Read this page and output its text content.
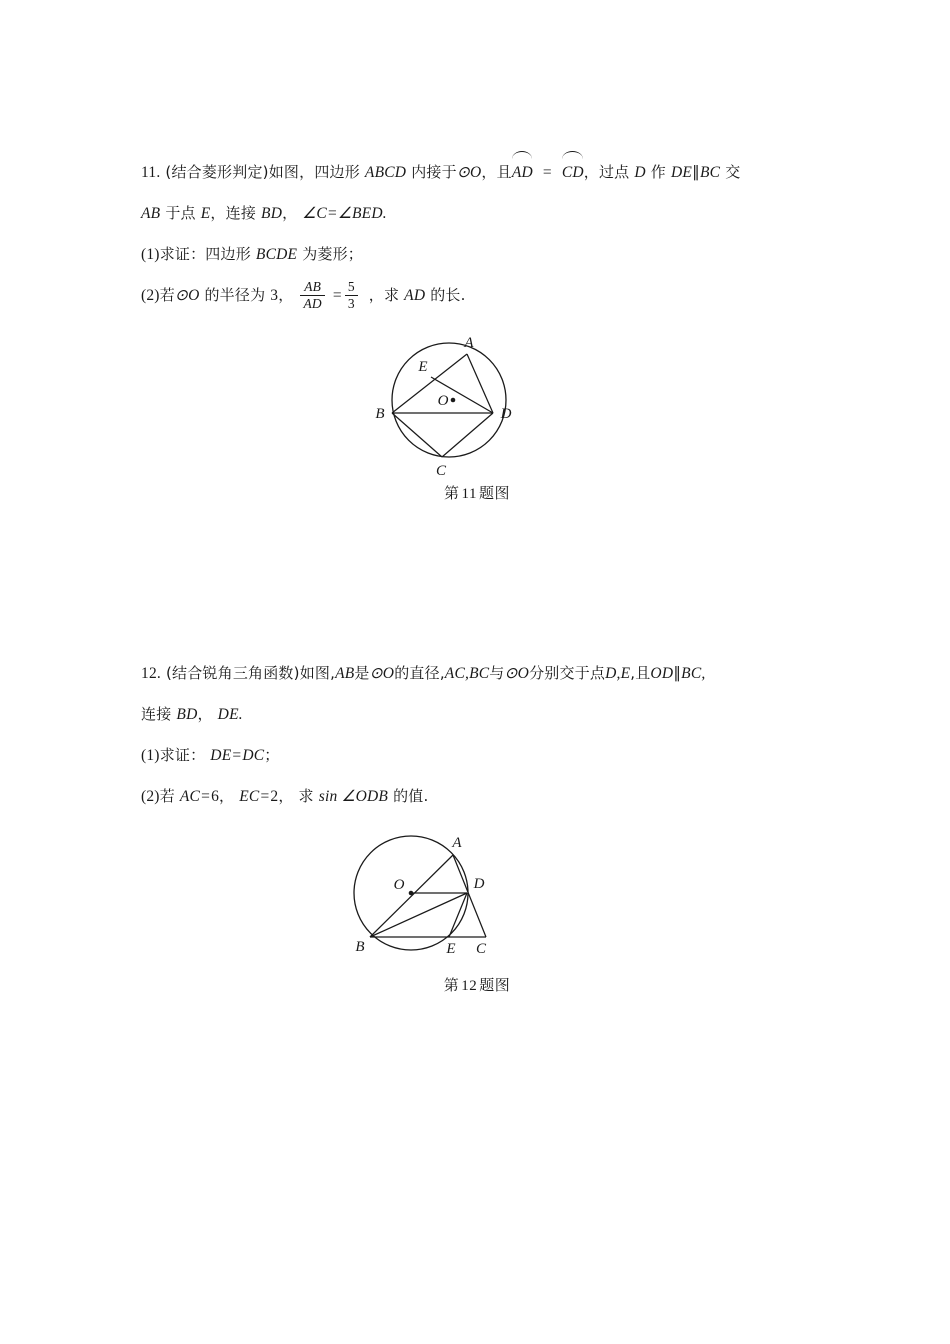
11. (结合菱形判定)如图，四边形 ABCD 内接于⊙O，且AD = CD，过点 D 作 DE∥BC 交
AB 于点 E，连接 BD， ∠C=∠BED.
(1)求证：四边形 BCDE 为菱形；
(2)若⊙O 的半径为 3， $\frac{AB}{AD} = \frac{5}{3}$ ，求 AD 的长.
A
E
B
O
D
C
第 11 题图
12. (结合锐角三角函数)如图,AB是⊙O的直径,AC,BC与⊙O分别交于点D,E,且OD∥BC,
连接 BD， DE.
(1)求证： DE=DC；
(2)若 AC=6， EC=2， 求 sin ∠ODB 的值.
A
O	D
B	E C
第 12 题图
